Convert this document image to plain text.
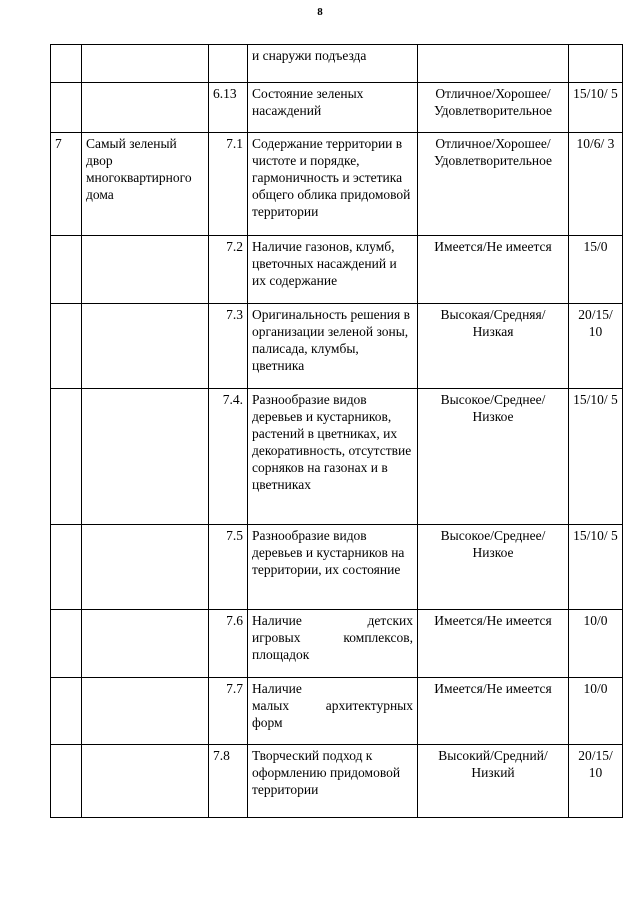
8
			и снаружи подъезда		
		6.13	Состояние зеленых насаждений	Отличное/Хорошее/ Удовлетворительное	15/10/ 5
7	Самый зеленый двор многоквартирного дома	7.1	Содержание территории в чистоте и порядке, гармоничность и эстетика общего облика придомовой территории	Отличное/Хорошее/ Удовлетворительное	10/6/ 3
		7.2	Наличие газонов, клумб, цветочных насаждений и их содержание	Имеется/Не имеется	15/0
		7.3	Оригинальность решения в организации зеленой зоны, палисада, клумбы, цветника	Высокая/Средняя/ Низкая	20/15/ 10
		7.4.	Разнообразие видов деревьев и кустарников, растений в цветниках, их декоративность, отсутствие сорняков на газонах и в цветниках	Высокое/Среднее/ Низкое	15/10/ 5
		7.5	Разнообразие видов деревьев и кустарников на территории, их состояние	Высокое/Среднее/ Низкое	15/10/ 5
		7.6	Наличие детских
игровых комплексов,
площадок	Имеется/Не имеется	10/0
		7.7	Наличие
малых архитектурных
форм	Имеется/Не имеется	10/0
		7.8	Творческий подход к оформлению придомовой территории	Высокий/Средний/ Низкий	20/15/ 10
